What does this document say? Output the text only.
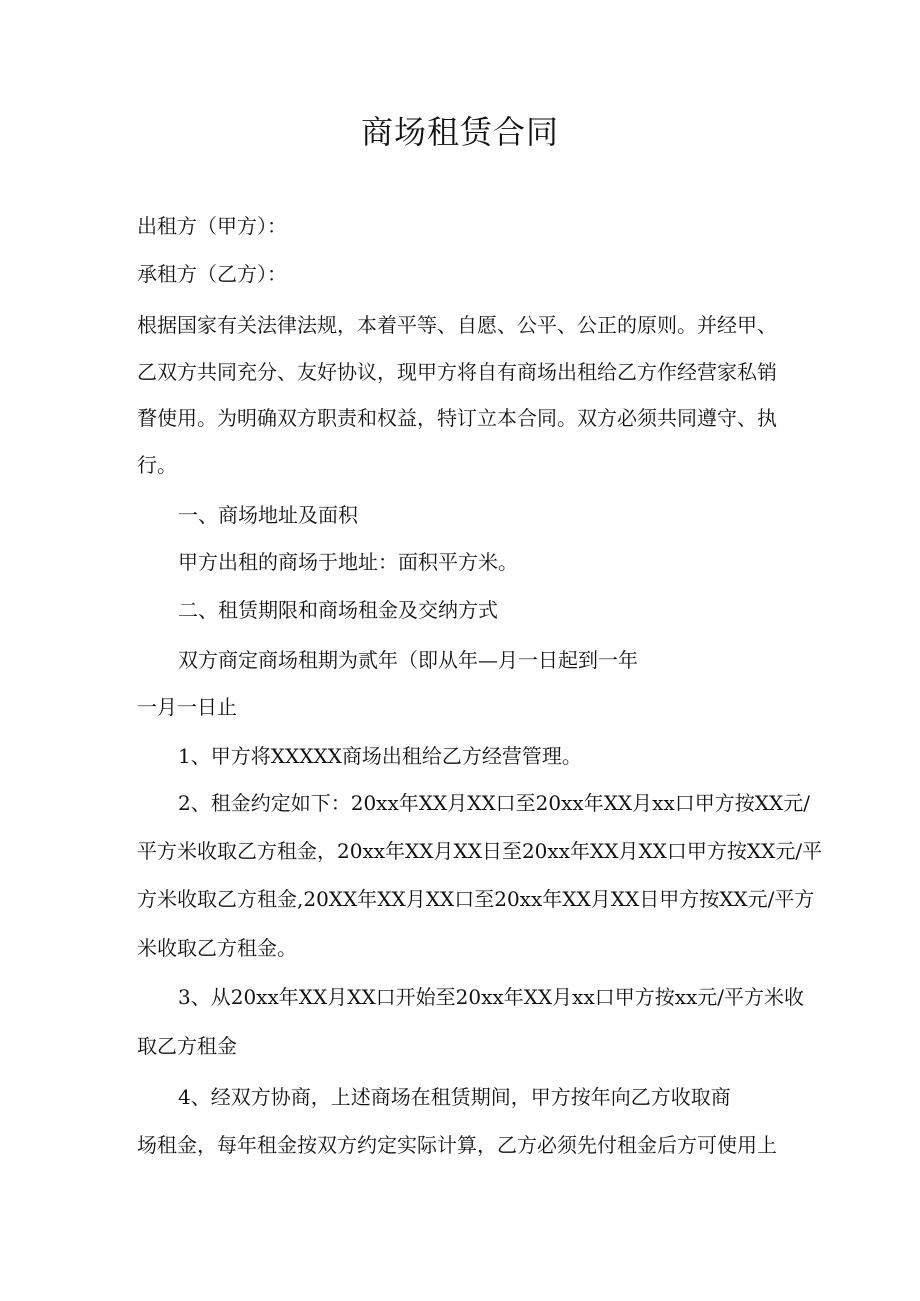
商场租赁合同
出租方（甲方）：
承租方（乙方）：
根据国家有关法律法规，本着平等、自愿、公平、公正的原则。并经甲、
乙双方共同充分、友好协议，现甲方将自有商场出租给乙方作经营家私销
瞀使用。为明确双方职责和权益，特订立本合同。双方必须共同遵守、执
行。
一、商场地址及面积
甲方出租的商场于地址：面积平方米。
二、租赁期限和商场租金及交纳方式
双方商定商场租期为贰年（即从年—月一日起到一年
一月一日止
1、甲方将XXXXX商场出租给乙方经营管理。
2、租金约定如下：20xx年XX月XX口至20xx年XX月xx口甲方按XX元/
平方米收取乙方租金，20xx年XX月XX日至20xx年XX月XX口甲方按XX元/平
方米收取乙方租金,20XX年XX月XX口至20xx年XX月XX日甲方按XX元/平方
米收取乙方租金。
3、从20xx年XX月XX口开始至20xx年XX月xx口甲方按xx元/平方米收
取乙方租金
4、经双方协商，上述商场在租赁期间，甲方按年向乙方收取商
场租金，每年租金按双方约定实际计算，乙方必须先付租金后方可使用上
